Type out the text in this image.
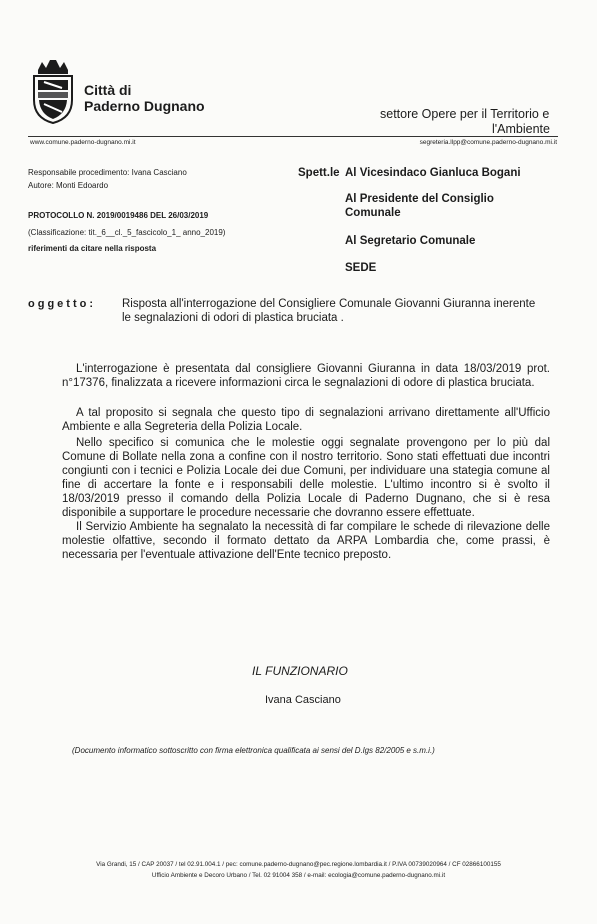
Città di
Paderno Dugnano	settore Opere per il Territorio e
l'Ambiente
www.comune.paderno-dugnano.mi.it	segreteria.llpp@comune.paderno-dugnano.mi.it
Responsabile procedimento: Ivana Casciano
Autore: Monti Edoardo
PROTOCOLLO N. 2019/0019486 DEL 26/03/2019
(Classificazione: tit._6__cl._5_fascicolo_1_ anno_2019)
riferimenti da citare nella risposta
Spett.le Al Vicesindaco Gianluca Bogani
Al Presidente del Consiglio
Comunale
Al Segretario Comunale
SEDE
oggetto: Risposta all'interrogazione del Consigliere Comunale Giovanni Giuranna inerente
le segnalazioni di odori di plastica bruciata .
L'interrogazione è presentata dal consigliere Giovanni Giuranna in data 18/03/2019 prot. n°17376, finalizzata a ricevere informazioni circa le segnalazioni di odore di plastica bruciata.
A tal proposito si segnala che questo tipo di segnalazioni arrivano direttamente all'Ufficio Ambiente e alla Segreteria della Polizia Locale.
Nello specifico si comunica che le molestie oggi segnalate provengono per lo più dal Comune di Bollate nella zona a confine con il nostro territorio. Sono stati effettuati due incontri congiunti con i tecnici e Polizia Locale dei due Comuni, per individuare una stategia comune al fine di accertare la fonte e i responsabili delle molestie. L'ultimo incontro si è svolto il 18/03/2019 presso il comando della Polizia Locale di Paderno Dugnano, che si è resa disponibile a supportare le procedure necessarie che dovranno essere effettuate.
Il Servizio Ambiente ha segnalato la necessità di far compilare le schede di rilevazione delle molestie olfattive, secondo il formato dettato da ARPA Lombardia che, come prassi, è necessaria per l'eventuale attivazione dell'Ente tecnico preposto.
IL FUNZIONARIO
Ivana Casciano
(Documento informatico sottoscritto con firma elettronica qualificata ai sensi del D.lgs 82/2005 e s.m.i.)
Via Grandi, 15 / CAP 20037 / tel 02.91.004.1 / pec: comune.paderno-dugnano@pec.regione.lombardia.it / P.IVA 00739020964 / CF 02866100155
Ufficio Ambiente e Decoro Urbano / Tel. 02 91004 358 / e-mail: ecologia@comune.paderno-dugnano.mi.it
